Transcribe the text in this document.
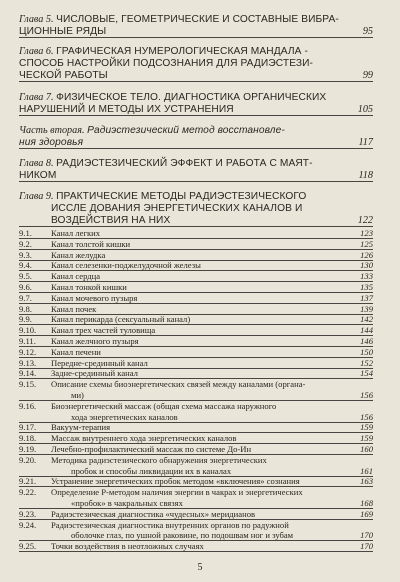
Глава 5. ЧИСЛОВЫЕ, ГЕОМЕТРИЧЕСКИЕ И СОСТАВНЫЕ ВИБРА-
ЦИОННЫЕ РЯДЫ	95
Глава 6. ГРАФИЧЕСКАЯ НУМЕРОЛОГИЧЕСКАЯ МАНДАЛА -
СПОСОБ НАСТРОЙКИ ПОДСОЗНАНИЯ ДЛЯ РАДИЭСТЕЗИ-
ЧЕСКОЙ РАБОТЫ	99
Глава 7. ФИЗИЧЕСКОЕ ТЕЛО. ДИАГНОСТИКА ОРГАНИЧЕСКИХ
НАРУШЕНИЙ И МЕТОДЫ ИХ УСТРАНЕНИЯ	105
Часть вторая. Радиэстезический метод восстановле-
ния здоровья	117
Глава 8. РАДИЭСТЕЗИЧЕСКИЙ ЭФФЕКТ И РАБОТА С МАЯТ-
НИКОМ	118
Глава 9. ПРАКТИЧЕСКИЕ МЕТОДЫ РАДИЭСТЕЗИЧЕСКОГО
ИССЛЕ ДОВАНИЯ ЭНЕРГЕТИЧЕСКИХ КАНАЛОВ И
ВОЗДЕЙСТВИЯ НА НИХ	122
9.1.	Канал легких	123
9.2.	Канал толстой кишки	125
9.3.	Канал желудка	126
9.4.	Канал селезенки-поджелудочной железы	130
9.5.	Канал сердца	133
9.6.	Канал тонкой кишки	135
9.7.	Канал мочевого пузыря	137
9.8.	Канал почек	139
9.9.	Канал перикарда (сексуальный канал)	142
9.10.	Канал трех частей туловища	144
9.11.	Канал желчного пузыря	146
9.12.	Канал печени	150
9.13.	Передне-срединный канал	152
9.14.	Задне-срединный канал	154
9.15.	Описание схемы биоэнергетических связей между каналами (органа-
ми)	156
9.16.	Биоэнергетический массаж (общая схема массажа наружного
хода энергетических каналов	156
9.17.	Вакуум-терапия	159
9.18.	Массаж внутреннего хода энергетических каналов	159
9.19.	Лечебно-профилактический массаж по системе До-Ин	160
9.20.	Методика радиэстезического обнаружения энергетических
пробок и способы ликвидации их в каналах	161
9.21.	Устранение энергетических пробок методом «включения» сознания	163
9.22.	Определение Р-методом наличия энергии в чакрах и энергетических
«пробок» в чакральных связях	168
9.23.	Радиэстезическая диагностика «чудесных» меридианов	169
9.24.	Радиэстезическая диагностика внутренних органов по радужной
оболочке глаз, по ушной раковине, по подошвам ног и зубам	170
9.25.	Точки воздействия в неотложных случаях	170
5
